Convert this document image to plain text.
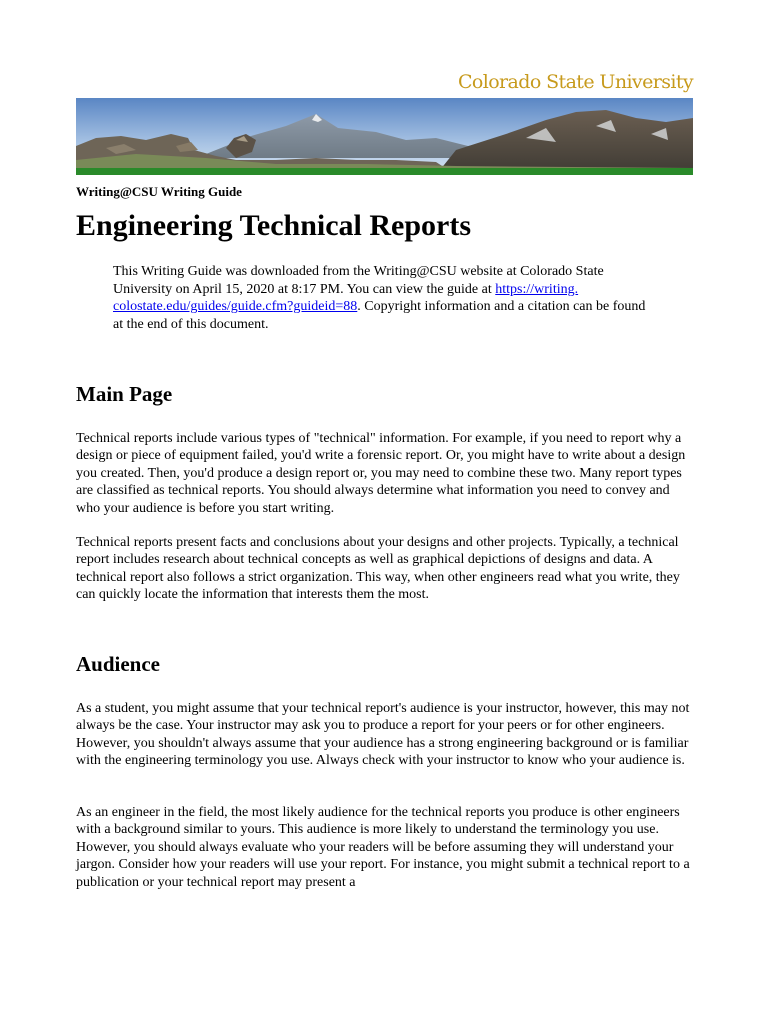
Colorado State University
Writing@CSU Writing Guide
Engineering Technical Reports

This Writing Guide was downloaded from the Writing@CSU website at Colorado State University on April 15, 2020 at 8:17 PM. You can view the guide at https://writing.
colostate.edu/guides/guide.cfm?guideid=88. Copyright information and a citation can be found at the end of this document.

Main Page

Technical reports include various types of "technical" information. For example, if you need to report why a design or piece of equipment failed, you'd write a forensic report. Or, you might have to write about a design you created. Then, you'd produce a design report or, you may need to combine these two. Many report types are classified as technical reports. You should always determine what information you need to convey and who your audience is before you start writing.

Technical reports present facts and conclusions about your designs and other projects. Typically, a technical report includes research about technical concepts as well as graphical depictions of designs and data. A technical report also follows a strict organization. This way, when other engineers read what you write, they can quickly locate the information that interests them the most.

Audience

As a student, you might assume that your technical report's audience is your instructor, however, this may not always be the case. Your instructor may ask you to produce a report for your peers or for other engineers. However, you shouldn't always assume that your audience has a strong engineering background or is familiar with the engineering terminology you use. Always check with your instructor to know who your audience is.

As an engineer in the field, the most likely audience for the technical reports you produce is other engineers with a background similar to yours. This audience is more likely to understand the terminology you use. However, you should always evaluate who your readers will be before assuming they will understand your jargon. Consider how your readers will use your report. For instance, you might submit a technical report to a publication or your technical report may present a
